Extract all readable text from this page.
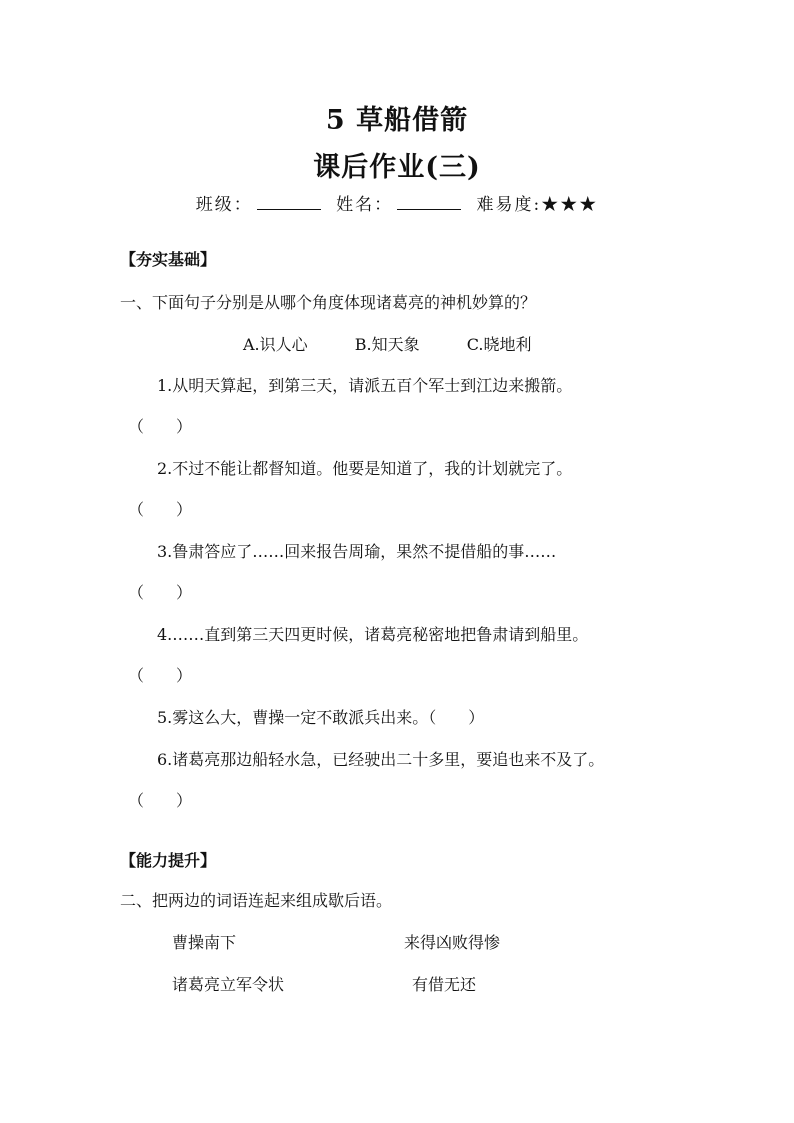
5 草船借箭
课后作业(三)
班级：	姓名：	难易度:★★★
【夯实基础】
一、下面句子分别是从哪个角度体现诸葛亮的神机妙算的？
A.识人心	B.知天象	C.晓地利
1.从明天算起，到第三天，请派五百个军士到江边来搬箭。
（　　）
2.不过不能让都督知道。他要是知道了，我的计划就完了。
（　　）
3.鲁肃答应了……回来报告周瑜，果然不提借船的事……
（　　）
4.……直到第三天四更时候，诸葛亮秘密地把鲁肃请到船里。
（　　）
5.雾这么大，曹操一定不敢派兵出来。（　　）
6.诸葛亮那边船轻水急，已经驶出二十多里，要追也来不及了。
（　　）
【能力提升】
二、把两边的词语连起来组成歇后语。
曹操南下	来得凶败得惨
诸葛亮立军令状	有借无还
